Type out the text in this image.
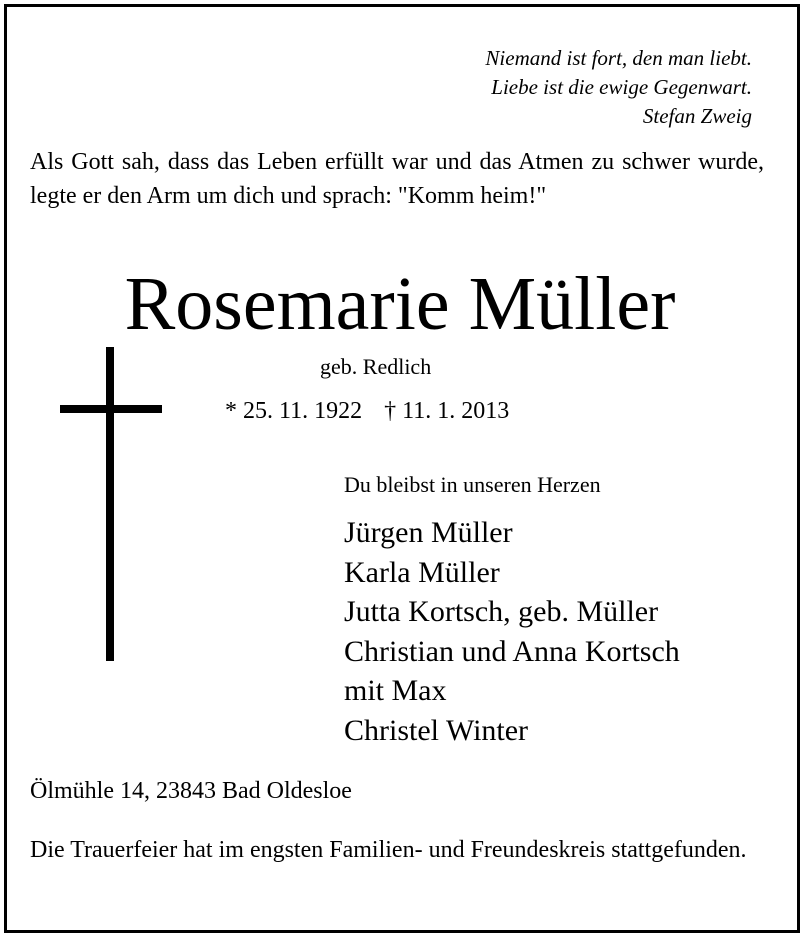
Niemand ist fort, den man liebt.
Liebe ist die ewige Gegenwart.
Stefan Zweig
Als Gott sah, dass das Leben erfüllt war und das Atmen zu schwer wurde, legte er den Arm um dich und sprach: "Komm heim!"
Rosemarie Müller
geb. Redlich
* 25. 11. 1922 † 11. 1. 2013
Du bleibst in unseren Herzen
Jürgen Müller
Karla Müller
Jutta Kortsch, geb. Müller
Christian und Anna Kortsch
mit Max
Christel Winter
Ölmühle 14, 23843 Bad Oldesloe
Die Trauerfeier hat im engsten Familien- und Freundeskreis stattgefunden.
